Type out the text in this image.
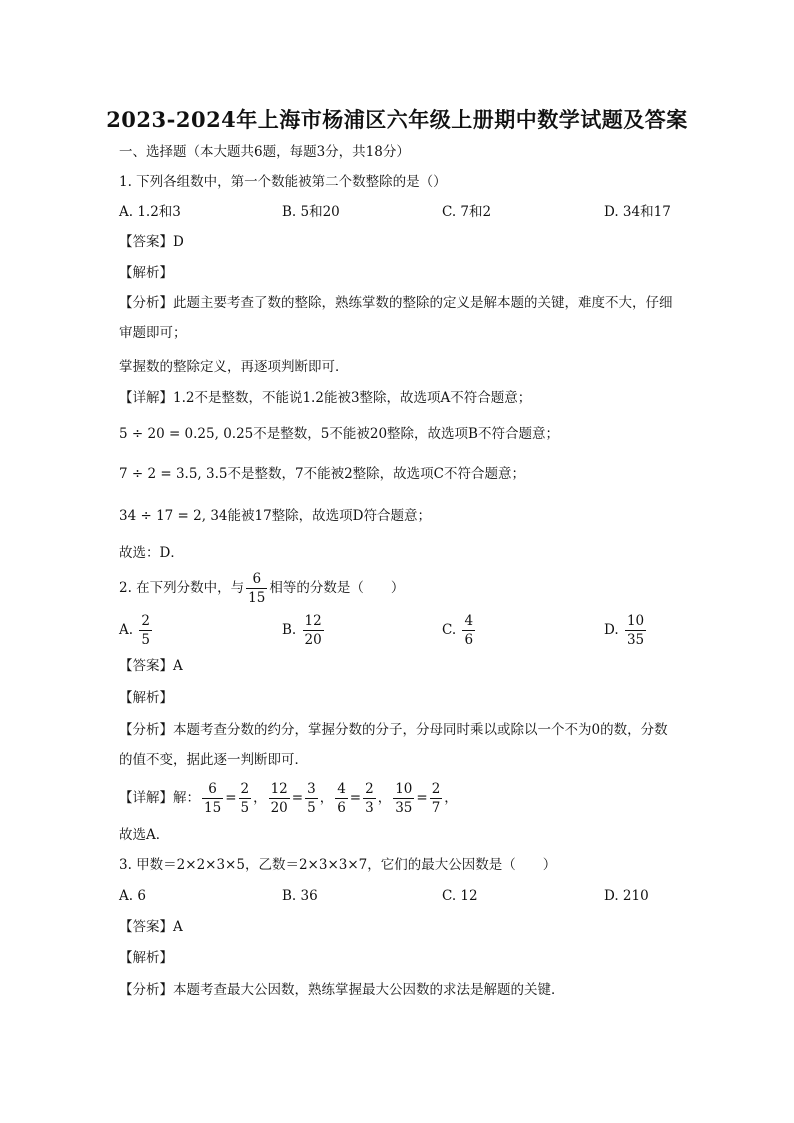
2023-2024年上海市杨浦区六年级上册期中数学试题及答案
一、选择题（本大题共6题，每题3分，共18分）
1. 下列各组数中，第一个数能被第二个数整除的是（）
A. 1.2和3	B. 5和20	C. 7和2	D. 34和17
【答案】D
【解析】
【分析】此题主要考查了数的整除，熟练掌数的整除的定义是解本题的关键，难度不大，仔细审题即可；
掌握数的整除定义，再逐项判断即可．
【详解】1.2不是整数，不能说1.2能被3整除，故选项A不符合题意；
5 ÷ 20 = 0.25, 0.25不是整数，5不能被20整除，故选项B不符合题意；
7 ÷ 2 = 3.5, 3.5不是整数，7不能被2整除，故选项C不符合题意；
34 ÷ 17 = 2, 34能被17整除，故选项D符合题意；
故选：D．
2. 在下列分数中，与 $\frac{6}{15}$ 相等的分数是（　　）
A. $\frac{2}{5}$	B. $\frac{12}{20}$	C. $\frac{4}{6}$	D. $\frac{10}{35}$
【答案】A
【解析】
【分析】本题考查分数的约分，掌握分数的分子，分母同时乘以或除以一个不为0的数，分数的值不变，据此逐一判断即可．
【详解】解： $\frac{6}{15} = \frac{2}{5}$ ， $\frac{12}{20} = \frac{3}{5}$ ， $\frac{4}{6} = \frac{2}{3}$ ， $\frac{10}{35} = \frac{2}{7}$ ，
故选A．
3. 甲数＝2×2×3×5，乙数＝2×3×3×7，它们的最大公因数是（　　）
A. 6	B. 36	C. 12	D. 210
【答案】A
【解析】
【分析】本题考查最大公因数，熟练掌握最大公因数的求法是解题的关键．
